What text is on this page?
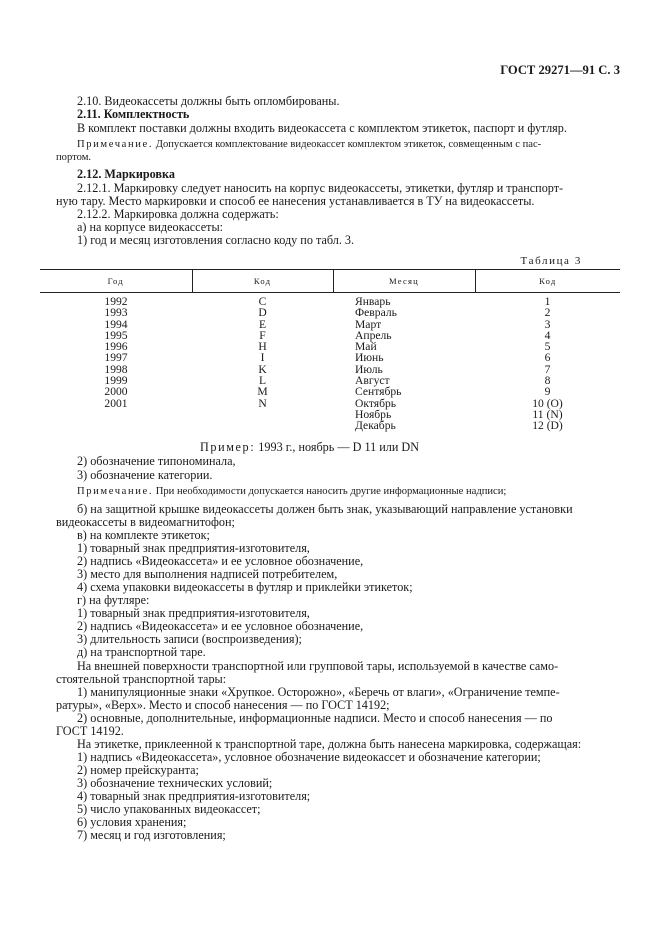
ГОСТ 29271—91 С. 3
2.10. Видеокассеты должны быть опломбированы.
2.11. Комплектность
В комплект поставки должны входить видеокассета с комплектом этикеток, паспорт и футляр.
Примечание. Допускается комплектование видеокассет комплектом этикеток, совмещенным с пас-
портом.
2.12. Маркировка
2.12.1. Маркировку следует наносить на корпус видеокассеты, этикетки, футляр и транспорт-
ную тару. Место маркировки и способ ее нанесения устанавливается в ТУ на видеокассеты.
2.12.2. Маркировка должна содержать:
а) на корпусе видеокассеты:
1) год и месяц изготовления согласно коду по табл. 3.
Таблица 3
Год	Код	Месяц	Код
1992	C	Январь	1
1993	D	Февраль	2
1994	E	Март	3
1995	F	Апрель	4
1996	H	Май	5
1997	I	Июнь	6
1998	K	Июль	7
1999	L	Август	8
2000	M	Сентябрь	9
2001	N	Октябрь	10 (O)
		Ноябрь	11 (N)
		Декабрь	12 (D)
Пример: 1993 г., ноябрь — D 11 или DN
2) обозначение типономинала,
3) обозначение категории.
Примечание. При необходимости допускается наносить другие информационные надписи;
б) на защитной крышке видеокассеты должен быть знак, указывающий направление установки
видеокассеты в видеомагнитофон;
в) на комплекте этикеток;
1) товарный знак предприятия-изготовителя,
2) надпись «Видеокассета» и ее условное обозначение,
3) место для выполнения надписей потребителем,
4) схема упаковки видеокассеты в футляр и приклейки этикеток;
г) на футляре:
1) товарный знак предприятия-изготовителя,
2) надпись «Видеокассета» и ее условное обозначение,
3) длительность записи (воспроизведения);
д) на транспортной таре.
На внешней поверхности транспортной или групповой тары, используемой в качестве само-
стоятельной транспортной тары:
1) манипуляционные знаки «Хрупкое. Осторожно», «Беречь от влаги», «Ограничение темпе-
ратуры», «Верх». Место и способ нанесения — по ГОСТ 14192;
2) основные, дополнительные, информационные надписи. Место и способ нанесения — по
ГОСТ 14192.
На этикетке, приклеенной к транспортной таре, должна быть нанесена маркировка, содержащая:
1) надпись «Видеокассета», условное обозначение видеокассет и обозначение категории;
2) номер прейскуранта;
3) обозначение технических условий;
4) товарный знак предприятия-изготовителя;
5) число упакованных видеокассет;
6) условия хранения;
7) месяц и год изготовления;
